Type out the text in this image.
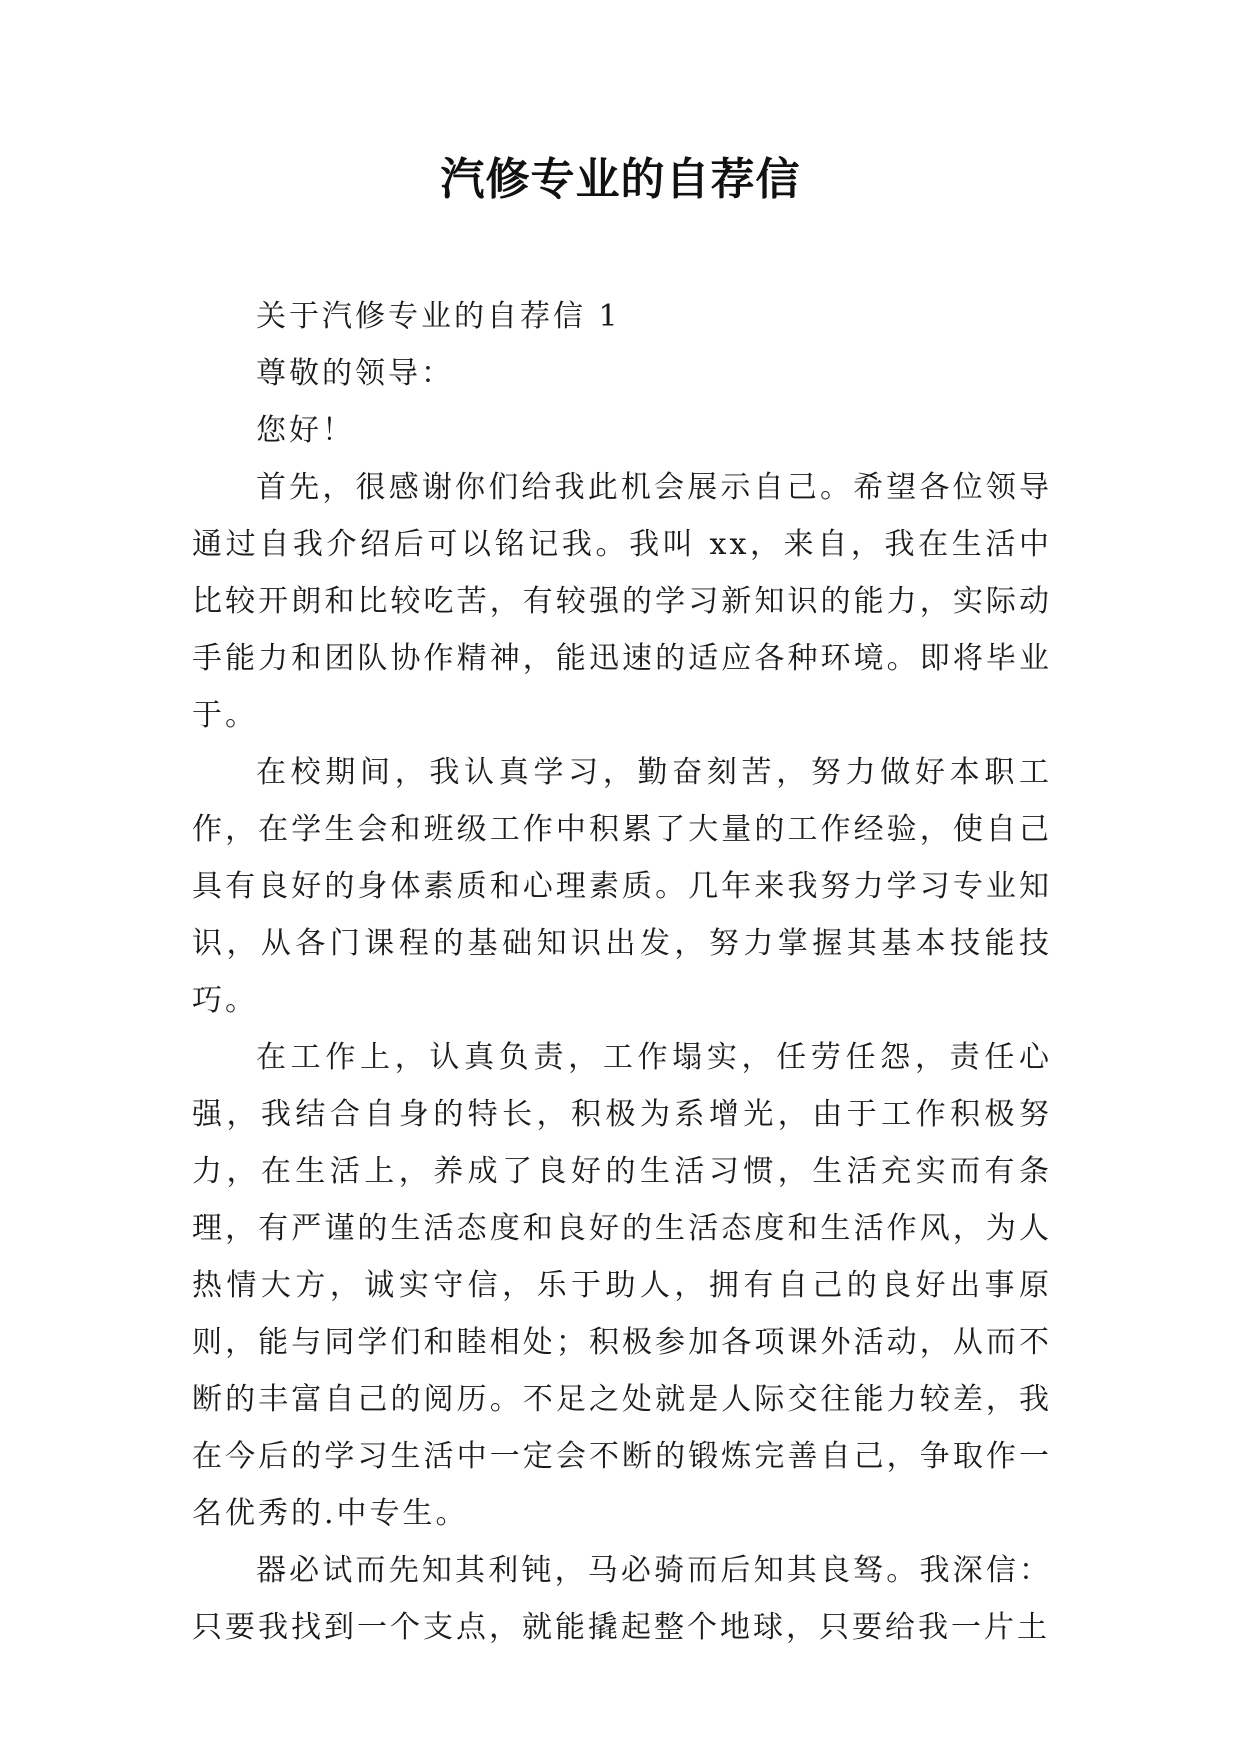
汽修专业的自荐信

关于汽修专业的自荐信 1

尊敬的领导：

您好！

首先，很感谢你们给我此机会展示自己。希望各位领导通过自我介绍后可以铭记我。我叫 xx，来自，我在生活中比较开朗和比较吃苦，有较强的学习新知识的能力，实际动手能力和团队协作精神，能迅速的适应各种环境。即将毕业于。

在校期间，我认真学习，勤奋刻苦，努力做好本职工作，在学生会和班级工作中积累了大量的工作经验，使自己具有良好的身体素质和心理素质。几年来我努力学习专业知识，从各门课程的基础知识出发，努力掌握其基本技能技巧。

在工作上，认真负责，工作塌实，任劳任怨，责任心强，我结合自身的特长，积极为系增光，由于工作积极努力，在生活上，养成了良好的生活习惯，生活充实而有条理，有严谨的生活态度和良好的生活态度和生活作风，为人热情大方，诚实守信，乐于助人，拥有自己的良好出事原则，能与同学们和睦相处；积极参加各项课外活动，从而不断的丰富自己的阅历。不足之处就是人际交往能力较差，我在今后的学习生活中一定会不断的锻炼完善自己，争取作一名优秀的.中专生。

器必试而先知其利钝，马必骑而后知其良驽。我深信：只要我找到一个支点，就能撬起整个地球，只要给我一片土
